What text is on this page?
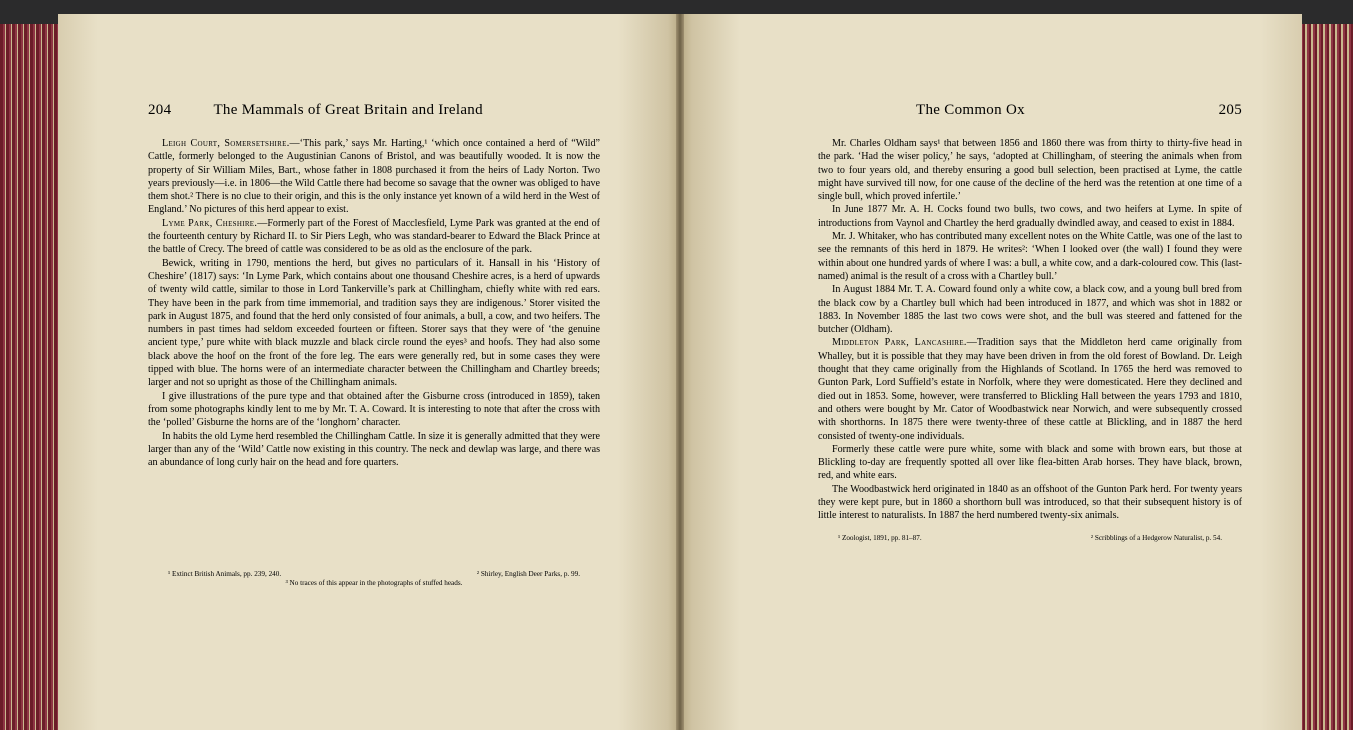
204	The Mammals of Great Britain and Ireland	The Common Ox	205

Leigh Court, Somersetshire.—‘This park,’ says Mr. Harting,¹ ‘which once contained a herd of “Wild” Cattle, formerly belonged to the Augustinian Canons of Bristol, and was beautifully wooded. It is now the property of Sir William Miles, Bart., whose father in 1808 purchased it from the heirs of Lady Norton. Two years previously—i.e. in 1806—the Wild Cattle there had become so savage that the owner was obliged to have them shot.² There is no clue to their origin, and this is the only instance yet known of a wild herd in the West of England.’ No pictures of this herd appear to exist.

Lyme Park, Cheshire.—Formerly part of the Forest of Macclesfield, Lyme Park was granted at the end of the fourteenth century by Richard II. to Sir Piers Legh, who was standard-bearer to Edward the Black Prince at the battle of Crecy. The breed of cattle was considered to be as old as the enclosure of the park.

Bewick, writing in 1790, mentions the herd, but gives no particulars of it. Hansall in his ‘History of Cheshire’ (1817) says: ‘In Lyme Park, which contains about one thousand Cheshire acres, is a herd of upwards of twenty wild cattle, similar to those in Lord Tankerville’s park at Chillingham, chiefly white with red ears. They have been in the park from time immemorial, and tradition says they are indigenous.’ Storer visited the park in August 1875, and found that the herd only consisted of four animals, a bull, a cow, and two heifers. The numbers in past times had seldom exceeded fourteen or fifteen. Storer says that they were of ‘the genuine ancient type,’ pure white with black muzzle and black circle round the eyes³ and hoofs. They had also some black above the hoof on the front of the fore leg. The ears were generally red, but in some cases they were tipped with blue. The horns were of an intermediate character between the Chillingham and Chartley breeds; larger and not so upright as those of the Chillingham animals.

I give illustrations of the pure type and that obtained after the Gisburne cross (introduced in 1859), taken from some photographs kindly lent to me by Mr. T. A. Coward. It is interesting to note that after the cross with the ‘polled’ Gisburne the horns are of the ‘longhorn’ character.

In habits the old Lyme herd resembled the Chillingham Cattle. In size it is generally admitted that they were larger than any of the ‘Wild’ Cattle now existing in this country. The neck and dewlap was large, and there was an abundance of long curly hair on the head and fore quarters.

¹ Extinct British Animals, pp. 239, 240.	² Shirley, English Deer Parks, p. 99.
³ No traces of this appear in the photographs of stuffed heads.

Mr. Charles Oldham says¹ that between 1856 and 1860 there was from thirty to thirty-five head in the park. ‘Had the wiser policy,’ he says, ‘adopted at Chillingham, of steering the animals when from two to four years old, and thereby ensuring a good bull selection, been practised at Lyme, the cattle might have survived till now, for one cause of the decline of the herd was the retention at one time of a single bull, which proved infertile.’

In June 1877 Mr. A. H. Cocks found two bulls, two cows, and two heifers at Lyme. In spite of introductions from Vaynol and Chartley the herd gradually dwindled away, and ceased to exist in 1884.

Mr. J. Whitaker, who has contributed many excellent notes on the White Cattle, was one of the last to see the remnants of this herd in 1879. He writes²: ‘When I looked over (the wall) I found they were within about one hundred yards of where I was: a bull, a white cow, and a dark-coloured cow. This (last-named) animal is the result of a cross with a Chartley bull.’

In August 1884 Mr. T. A. Coward found only a white cow, a black cow, and a young bull bred from the black cow by a Chartley bull which had been introduced in 1877, and which was shot in 1882 or 1883. In November 1885 the last two cows were shot, and the bull was steered and fattened for the butcher (Oldham).

Middleton Park, Lancashire.—Tradition says that the Middleton herd came originally from Whalley, but it is possible that they may have been driven in from the old forest of Bowland. Dr. Leigh thought that they came originally from the Highlands of Scotland. In 1765 the herd was removed to Gunton Park, Lord Suffield’s estate in Norfolk, where they were domesticated. Here they declined and died out in 1853. Some, however, were transferred to Blickling Hall between the years 1793 and 1810, and others were bought by Mr. Cator of Woodbastwick near Norwich, and were subsequently crossed with shorthorns. In 1875 there were twenty-three of these cattle at Blickling, and in 1887 the herd consisted of twenty-one individuals.

Formerly these cattle were pure white, some with black and some with brown ears, but those at Blickling to-day are frequently spotted all over like flea-bitten Arab horses. They have black, brown, red, and white ears.

The Woodbastwick herd originated in 1840 as an offshoot of the Gunton Park herd. For twenty years they were kept pure, but in 1860 a shorthorn bull was introduced, so that their subsequent history is of little interest to naturalists. In 1887 the herd numbered twenty-six animals.

¹ Zoologist, 1891, pp. 81–87.	² Scribblings of a Hedgerow Naturalist, p. 54.
